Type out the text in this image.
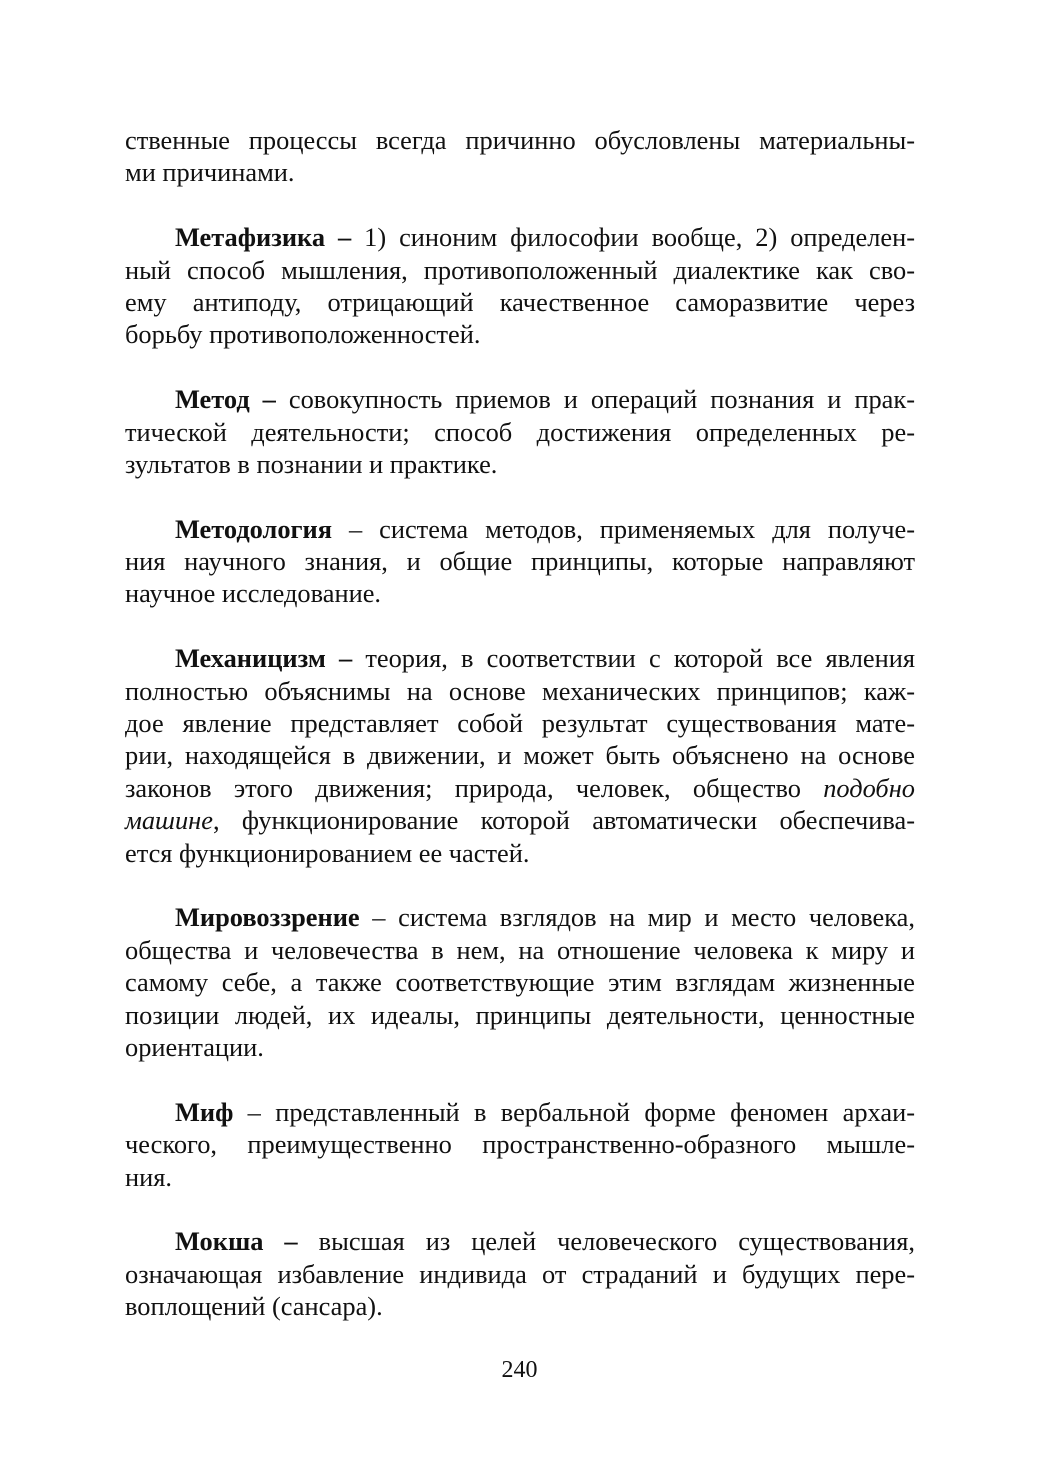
ственные процессы всегда причинно обусловлены материальны-
ми причинами.
Метафизика – 1) синоним философии вообще, 2) определен-
ный способ мышления, противоположенный диалектике как сво-
ему антиподу, отрицающий качественное саморазвитие через
борьбу противоположенностей.
Метод – совокупность приемов и операций познания и прак-
тической деятельности; способ достижения определенных ре-
зультатов в познании и практике.
Методология – система методов, применяемых для получе-
ния научного знания, и общие принципы, которые направляют
научное исследование.
Механицизм – теория, в соответствии с которой все явления
полностью объяснимы на основе механических принципов; каж-
дое явление представляет собой результат существования мате-
рии, находящейся в движении, и может быть объяснено на основе
законов этого движения; природа, человек, общество подобно
машине, функционирование которой автоматически обеспечива-
ется функционированием ее частей.
Мировоззрение – система взглядов на мир и место человека,
общества и человечества в нем, на отношение человека к миру и
самому себе, а также соответствующие этим взглядам жизненные
позиции людей, их идеалы, принципы деятельности, ценностные
ориентации.
Миф – представленный в вербальной форме феномен архаи-
ческого, преимущественно пространственно-образного мышле-
ния.
Мокша – высшая из целей человеческого существования,
означающая избавление индивида от страданий и будущих пере-
воплощений (сансара).
240
